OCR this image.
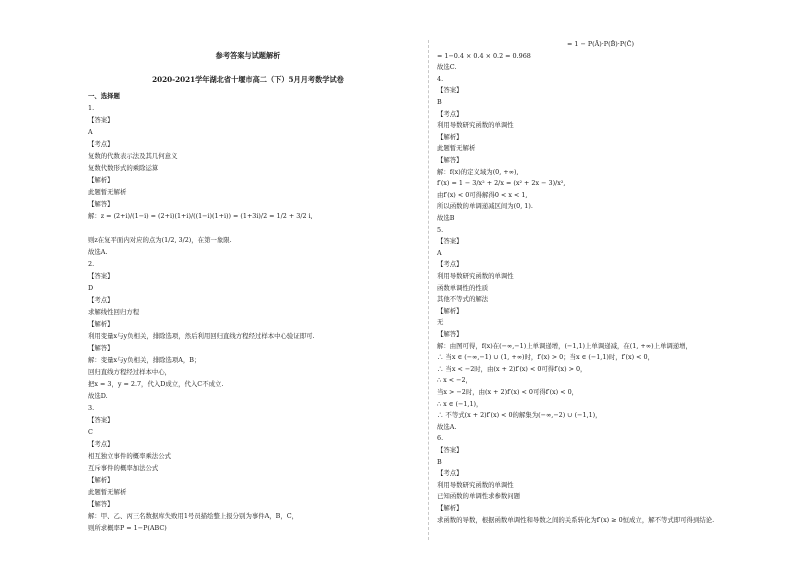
参考答案与试题解析
2020-2021学年湖北省十堰市高二（下）5月月考数学试卷
一、选择题
1.
【答案】
A
【考点】
复数的代数表示法及其几何意义
复数代数形式的乘除运算
【解析】
此题暂无解析
【解答】
解：z = (2+i)/(1−i) = (2+i)(1+i)/((1−i)(1+i)) = (1+3i)/2 = 1/2 + 3/2 i,
则z在复平面内对应的点为(1/2, 3/2)，在第一象限.
故选A.
2.
【答案】
D
【考点】
求解线性回归方程
【解析】
利用变量x与y负相关，排除选项，然后利用回归直线方程经过样本中心验证即可.
【解答】
解：变量x与y负相关，排除选项A，B；
回归直线方程经过样本中心，
把x = 3，y = 2.7，代入D成立，代入C不成立.
故选D.
3.
【答案】
C
【考点】
相互独立事件的概率乘法公式
互斥事件的概率加法公式
【解析】
此题暂无解析
【解答】
解：甲、乙、丙三名数据库失败用1号员描绘整上报分别为事件A，B，C，
则所求概率P = 1−P(ABC)
= 1 − P(Ā)·P(B̄)·P(C̄)
= 1−0.4 × 0.4 × 0.2 = 0.968
故选C.
4.
【答案】
B
【考点】
利用导数研究函数的单调性
【解析】
此题暂无解析
【解答】
解：f(x)的定义域为(0, +∞),
f′(x) = 1 − 3/x² + 2/x = (x² + 2x − 3)/x²,
由f′(x) < 0可得解得0 < x < 1,
所以函数的单调递减区间为(0, 1).
故选B
5.
【答案】
A
【考点】
利用导数研究函数的单调性
函数单调性的性质
其他不等式的解法
【解析】
无
【解答】
解：由图可得，f(x)在(−∞,−1)上单调递增，(−1,1)上单调递减，在(1, +∞)上单调递增，
∴ 当x ∈ (−∞,−1) ∪ (1, +∞)时，f′(x) > 0；当x ∈ (−1,1)时，f′(x) < 0，
∴ 当x < −2时，由(x + 2)f′(x) < 0可得f′(x) > 0，
∴ x < −2，
当x > −2时，由(x + 2)f′(x) < 0可得f′(x) < 0，
∴ x ∈ (−1,1)，
∴ 不等式(x + 2)f′(x) < 0的解集为(−∞,−2) ∪ (−1,1)，
故选A.
6.
【答案】
B
【考点】
利用导数研究函数的单调性
已知函数的单调性求参数问题
【解析】
求函数的导数，根据函数单调性和导数之间的关系转化为f′(x) ≥ 0恒成立，解不等式即可得到结论.
